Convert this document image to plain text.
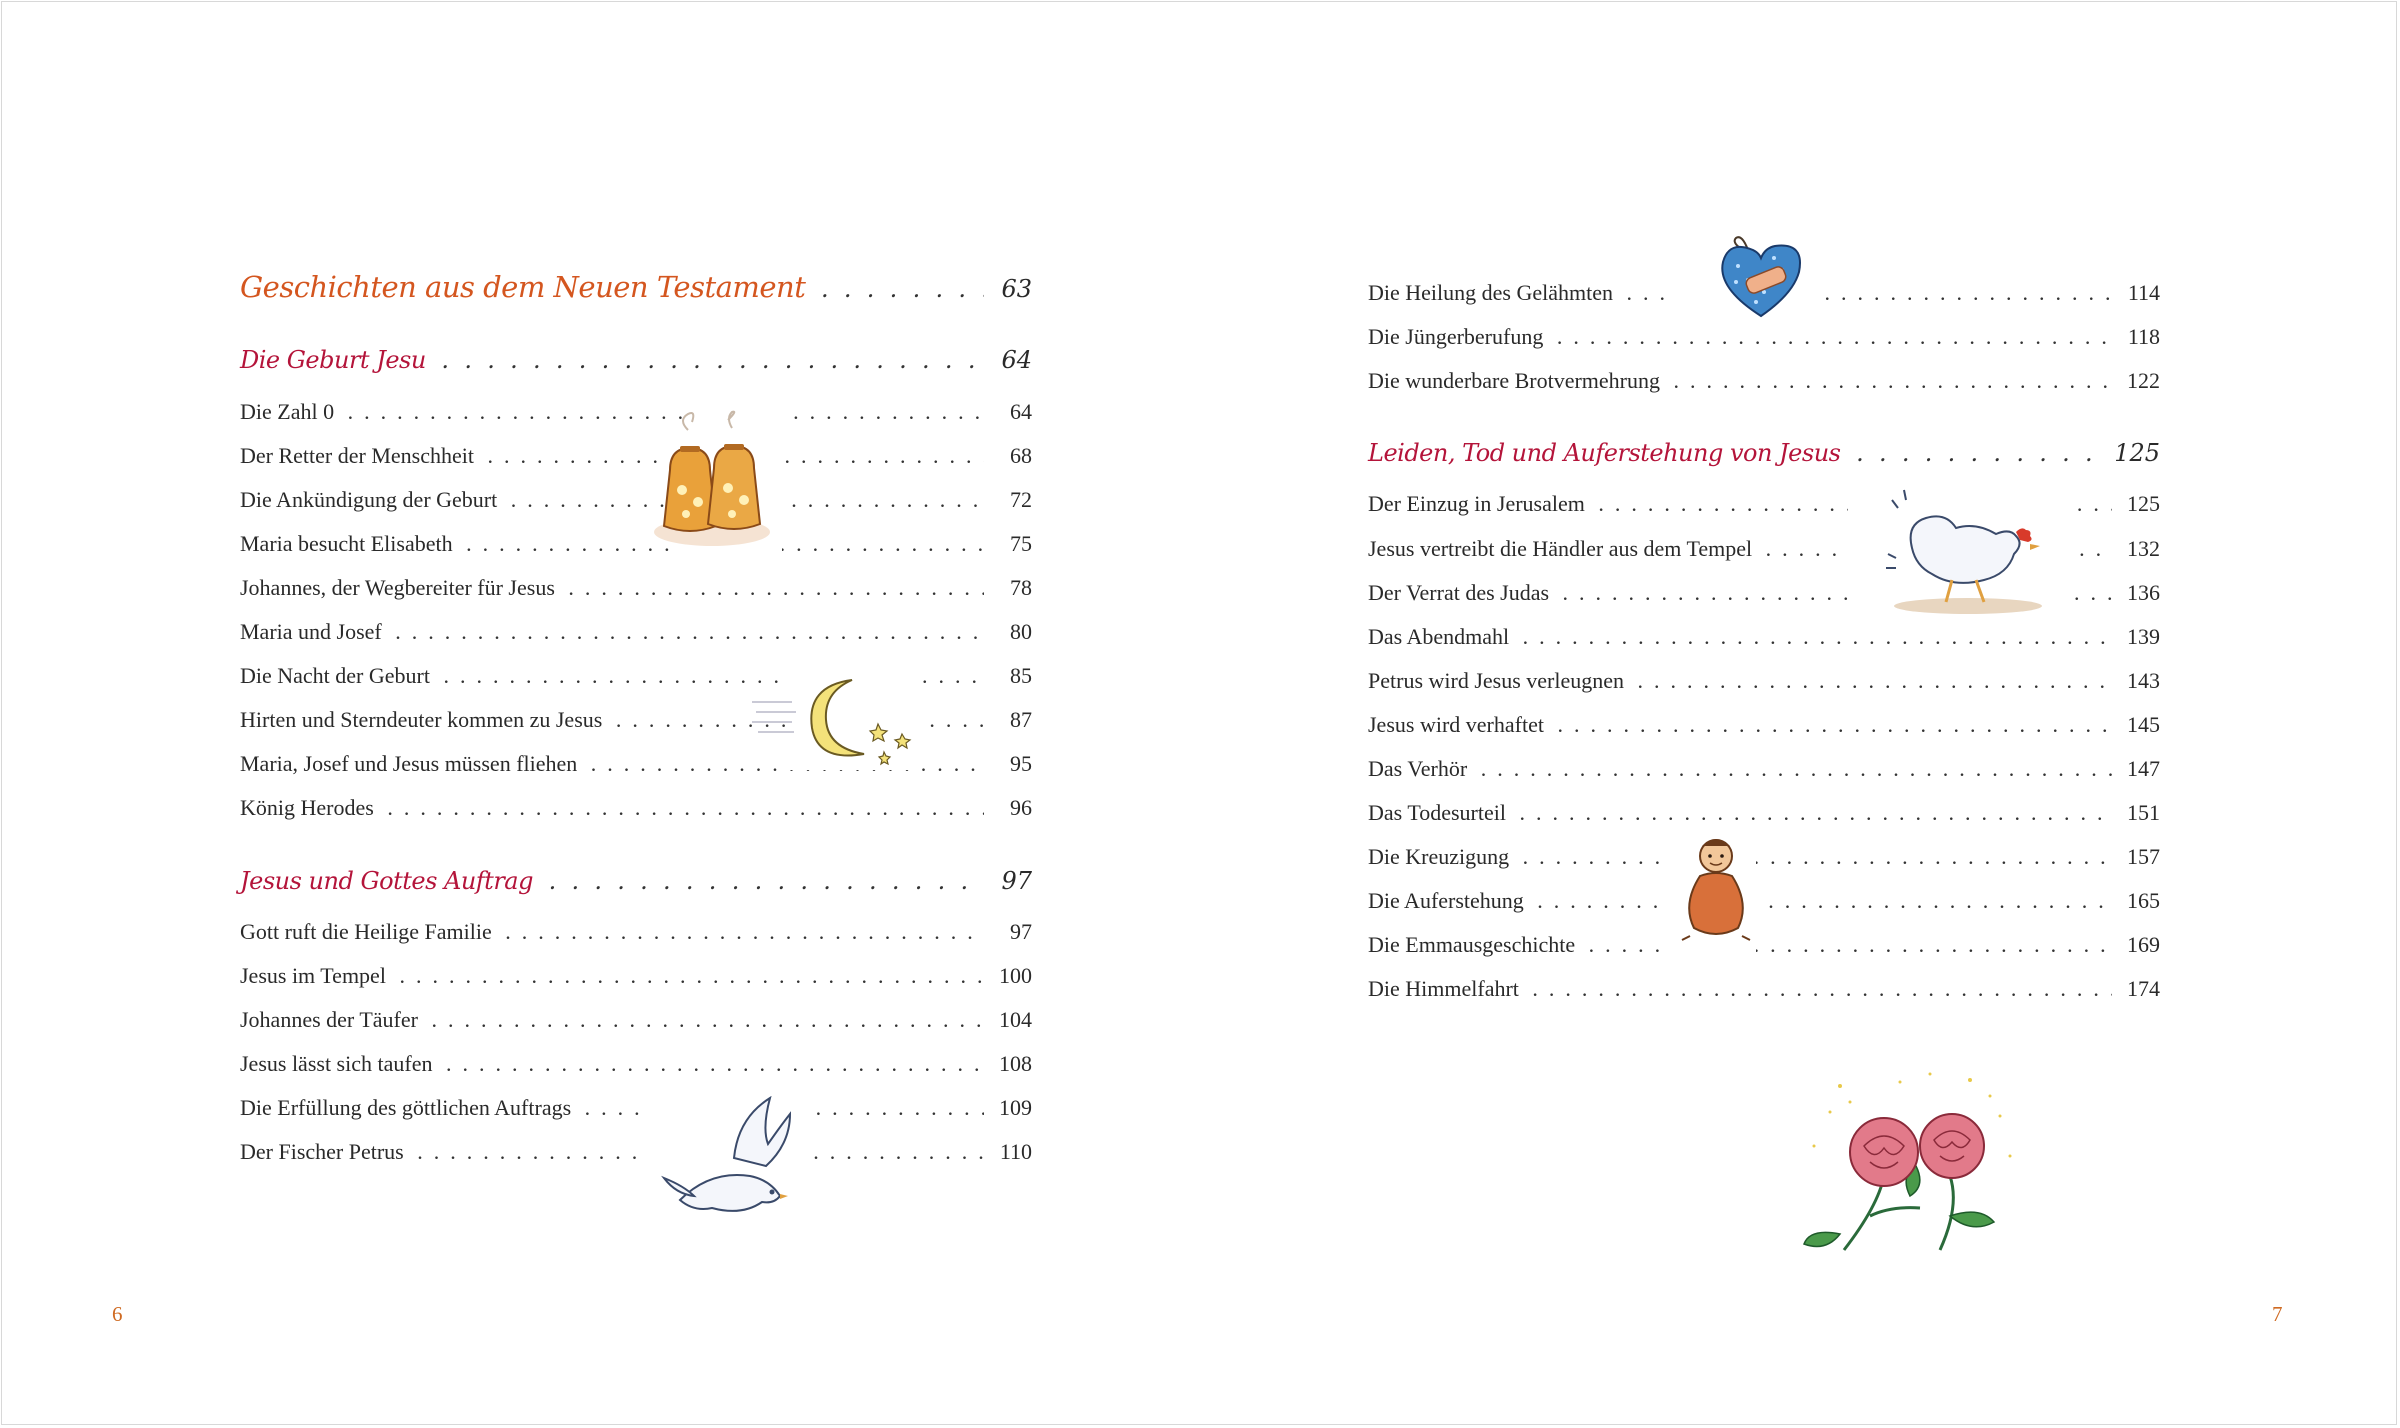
Geschichten aus dem Neuen Testament . .	63
Die Geburt Jesu . .	64
Die Zahl 0 . .	64
Der Retter der Menschheit . .	68
Die Ankündigung der Geburt . .	72
Maria besucht Elisabeth . .	75
Johannes, der Wegbereiter für Jesus . .	78
Maria und Josef . .	80
Die Nacht der Geburt . .	85
Hirten und Sterndeuter kommen zu Jesus . .	87
Maria, Josef und Jesus müssen fliehen . .	95
König Herodes . .	96
Jesus und Gottes Auftrag . .	97
Gott ruft die Heilige Familie . .	97
Jesus im Tempel . .	100
Johannes der Täufer . .	104
Jesus lässt sich taufen . .	108
Die Erfüllung des göttlichen Auftrags . .	109
Der Fischer Petrus . .	110
Die Heilung des Gelähmten . .	114
Die Jüngerberufung . .	118
Die wunderbare Brotvermehrung . .	122
Leiden, Tod und Auferstehung von Jesus . .	125
Der Einzug in Jerusalem . .	125
Jesus vertreibt die Händler aus dem Tempel . .	132
Der Verrat des Judas . .	136
Das Abendmahl . .	139
Petrus wird Jesus verleugnen . .	143
Jesus wird verhaftet . .	145
Das Verhör . .	147
Das Todesurteil . .	151
Die Kreuzigung . .	157
Die Auferstehung . .	165
Die Emmausgeschichte . .	169
Die Himmelfahrt . .	174
6	7
